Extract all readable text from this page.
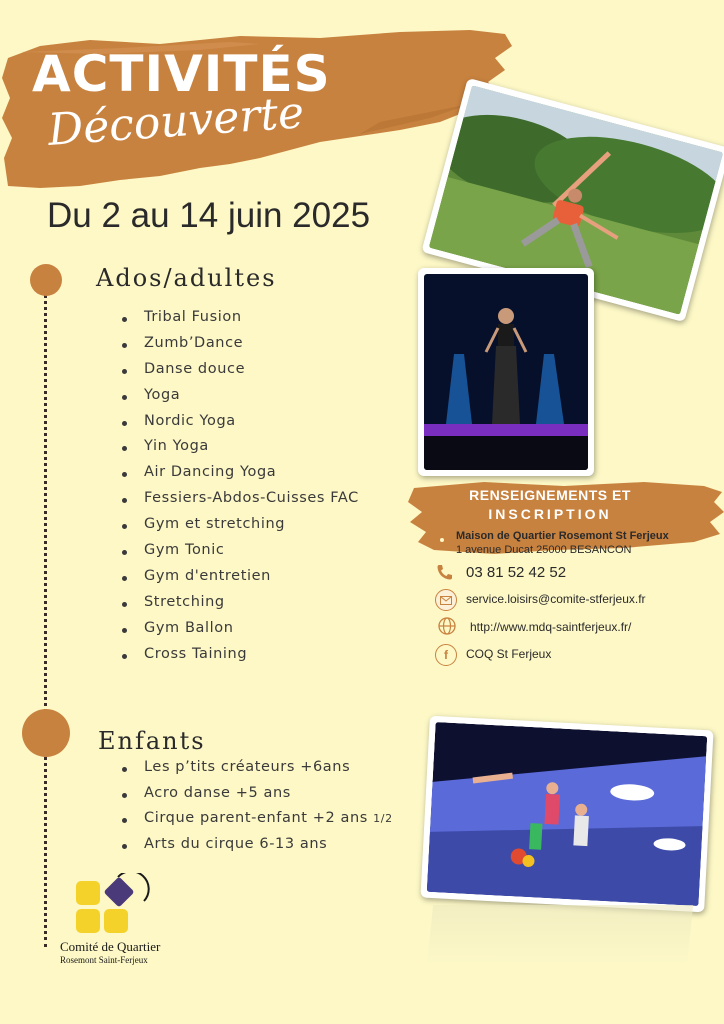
ACTIVITÉS
Découverte
Du 2 au 14 juin 2025
Ados/adultes
Tribal Fusion
Zumb’Dance
Danse douce
Yoga
Nordic Yoga
Yin Yoga
Air Dancing Yoga
Fessiers-Abdos-Cuisses FAC
Gym et stretching
Gym Tonic
Gym d'entretien
Stretching
Gym Ballon
Cross Taining
Enfants
Les p’tits créateurs +6ans
Acro danse +5 ans
Cirque parent-enfant +2 ans 1/2
Arts du cirque 6-13 ans
RENSEIGNEMENTS ET
INSCRIPTION
Maison de Quartier Rosemont St Ferjeux
1 avenue Ducat 25000 BESANCON
03 81 52 42 52
service.loisirs@comite-stferjeux.fr
http://www.mdq-saintferjeux.fr/
f COQ St Ferjeux
Comité de Quartier
Rosemont Saint-Ferjeux
